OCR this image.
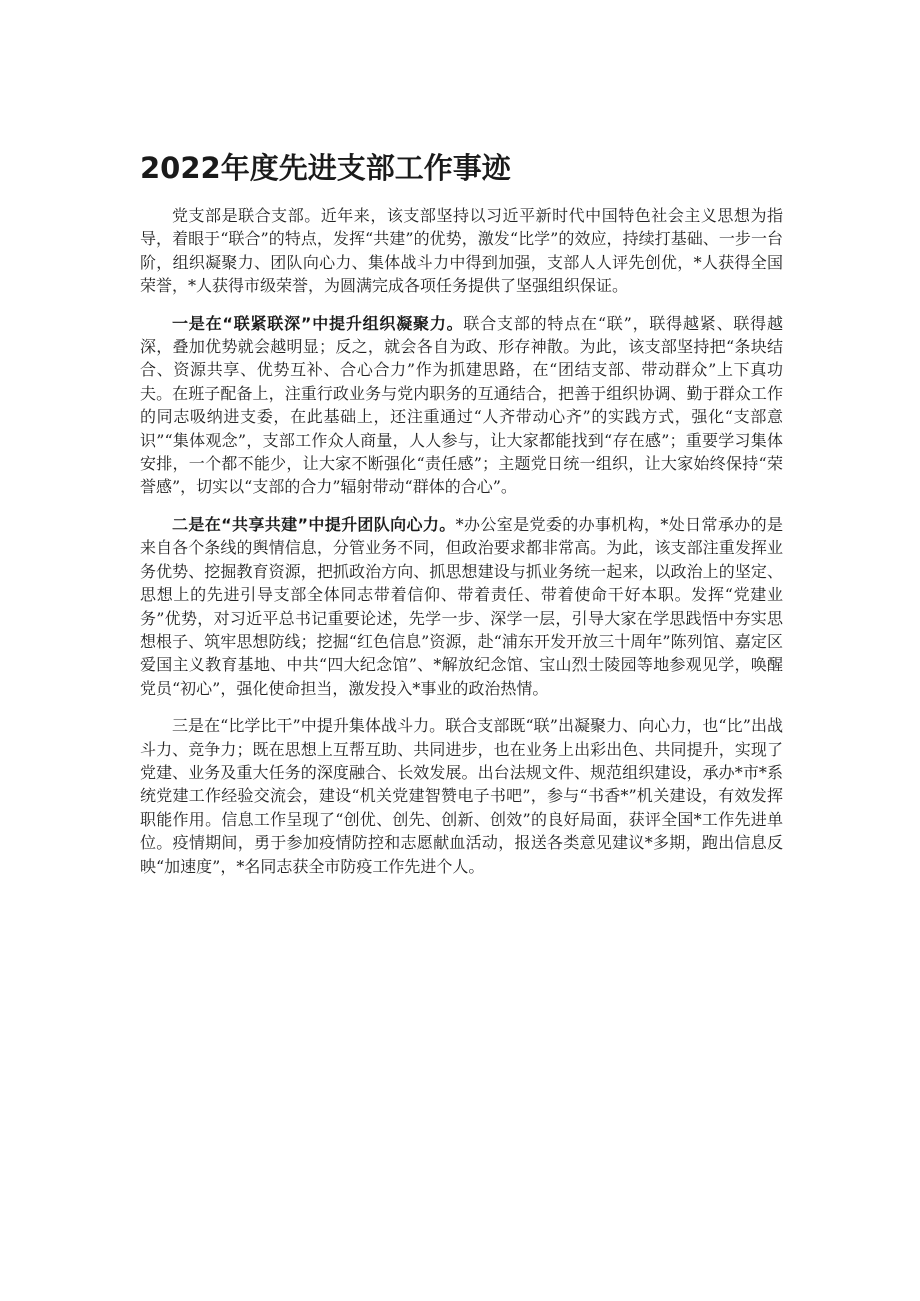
2022年度先进支部工作事迹

党支部是联合支部。近年来，该支部坚持以习近平新时代中国特色社会主义思想为指导，着眼于“联合”的特点，发挥“共建”的优势，激发“比学”的效应，持续打基础、一步一台阶，组织凝聚力、团队向心力、集体战斗力中得到加强，支部人人评先创优，*人获得全国荣誉，*人获得市级荣誉，为圆满完成各项任务提供了坚强组织保证。

一是在“联紧联深”中提升组织凝聚力。联合支部的特点在“联”，联得越紧、联得越深，叠加优势就会越明显；反之，就会各自为政、形存神散。为此，该支部坚持把“条块结合、资源共享、优势互补、合心合力”作为抓建思路，在“团结支部、带动群众”上下真功夫。在班子配备上，注重行政业务与党内职务的互通结合，把善于组织协调、勤于群众工作的同志吸纳进支委，在此基础上，还注重通过“人齐带动心齐”的实践方式，强化“支部意识”“集体观念”，支部工作众人商量，人人参与，让大家都能找到“存在感”；重要学习集体安排，一个都不能少，让大家不断强化“责任感”；主题党日统一组织，让大家始终保持“荣誉感”，切实以“支部的合力”辐射带动“群体的合心”。

二是在“共享共建”中提升团队向心力。*办公室是党委的办事机构，*处日常承办的是来自各个条线的舆情信息，分管业务不同，但政治要求都非常高。为此，该支部注重发挥业务优势、挖掘教育资源，把抓政治方向、抓思想建设与抓业务统一起来，以政治上的坚定、思想上的先进引导支部全体同志带着信仰、带着责任、带着使命干好本职。发挥“党建业务”优势，对习近平总书记重要论述，先学一步、深学一层，引导大家在学思践悟中夯实思想根子、筑牢思想防线；挖掘“红色信息”资源，赴“浦东开发开放三十周年”陈列馆、嘉定区爱国主义教育基地、中共“四大纪念馆”、*解放纪念馆、宝山烈士陵园等地参观见学，唤醒党员“初心”，强化使命担当，激发投入*事业的政治热情。

三是在“比学比干”中提升集体战斗力。联合支部既“联”出凝聚力、向心力，也“比”出战斗力、竞争力；既在思想上互帮互助、共同进步，也在业务上出彩出色、共同提升，实现了党建、业务及重大任务的深度融合、长效发展。出台法规文件、规范组织建设，承办*市*系统党建工作经验交流会，建设“机关党建智赞电子书吧”，参与“书香*”机关建设，有效发挥职能作用。信息工作呈现了“创优、创先、创新、创效”的良好局面，获评全国*工作先进单位。疫情期间，勇于参加疫情防控和志愿献血活动，报送各类意见建议*多期，跑出信息反映“加速度”，*名同志获全市防疫工作先进个人。
